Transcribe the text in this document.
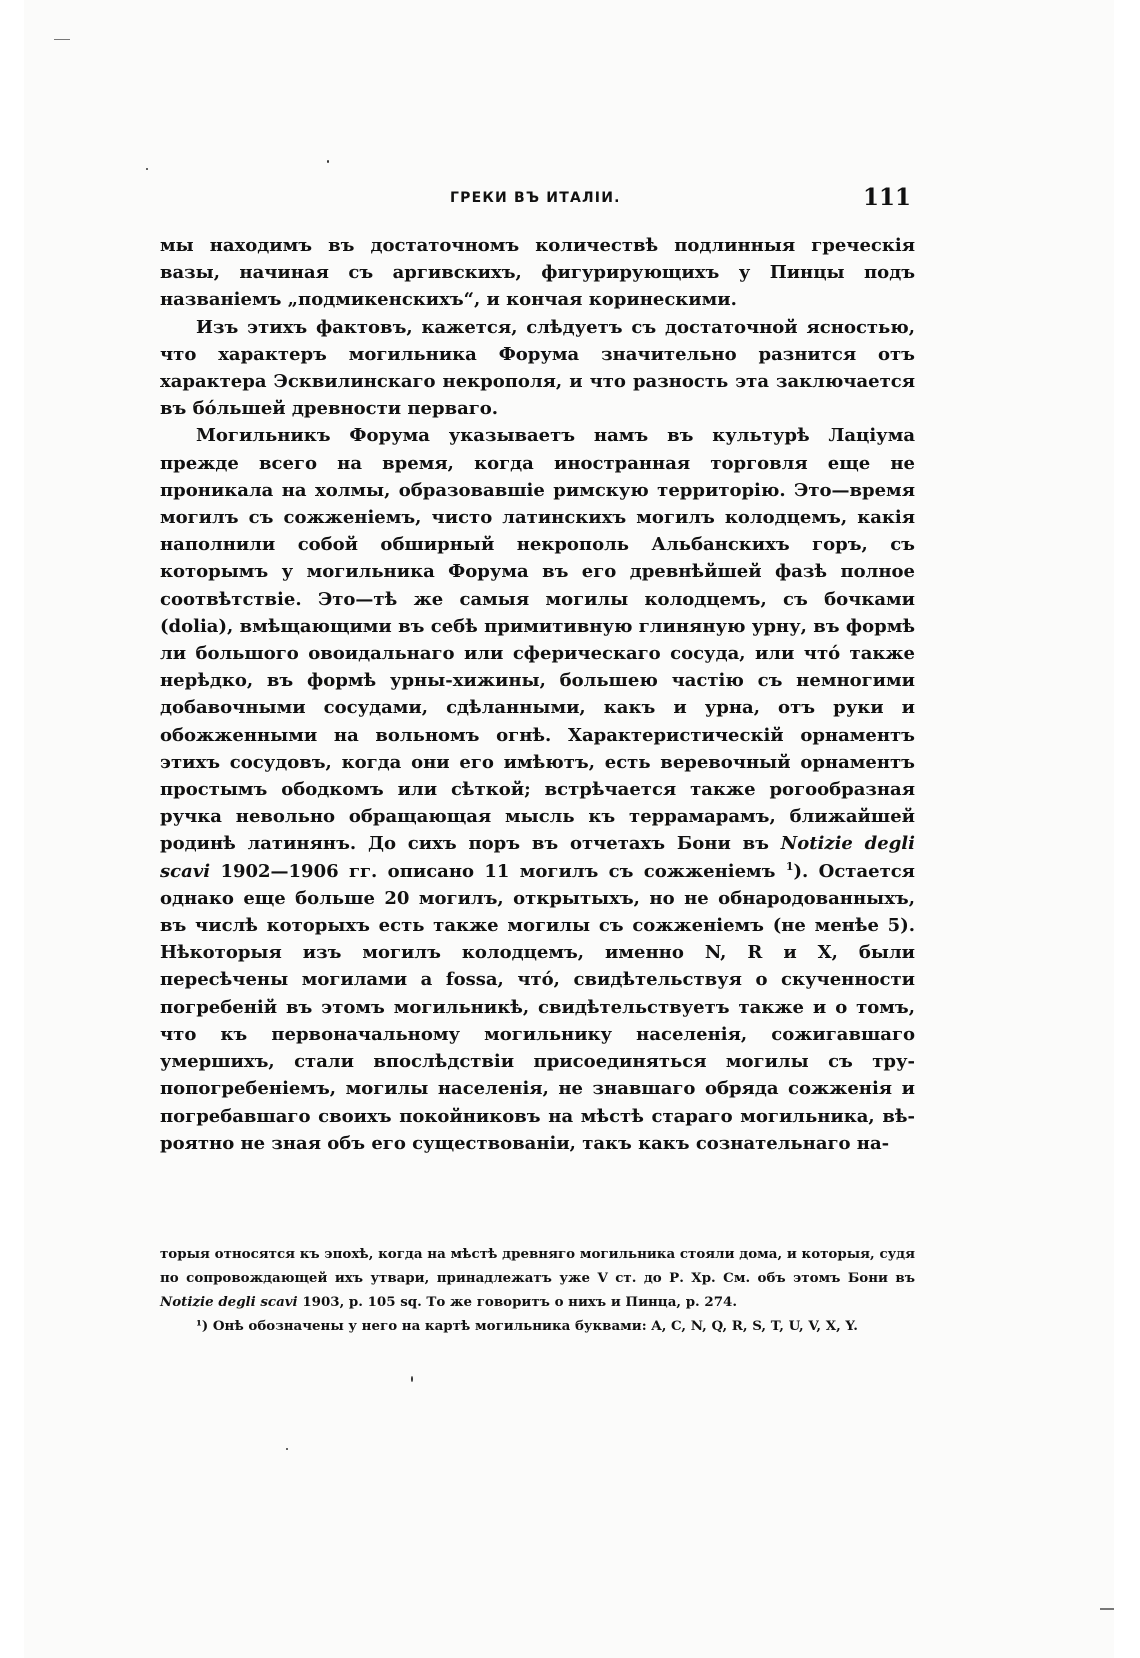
ГРЕКИ ВЪ ИТАЛІИ.	111

мы находимъ въ достаточномъ количествѣ подлинныя греческія вазы, начиная съ аргивскихъ, фигурирующихъ у Пинцы подъ названіемъ „подмикенскихъ“, и кончая коринескими.

Изъ этихъ фактовъ, кажется, слѣдуетъ съ достаточной ясностью, что характеръ могильника Форума значительно разнится отъ характера Эсквилинскаго некрополя, и что разность эта заключается въ бóльшей древности перваго.

Могильникъ Форума указываетъ намъ въ культурѣ Лаціума прежде всего на время, когда иностранная торговля еще не проникала на холмы, образовавшіе римскую территорію. Это—время могилъ съ сожженіемъ, чисто латинскихъ могилъ колодцемъ, какія наполнили собой обширный некрополь Альбанскихъ горъ, съ которымъ у могильника Форума въ его древнѣйшей фазѣ полное соотвѣтствіе. Это—тѣ же самыя могилы колодцемъ, съ бочками (dolia), вмѣщающими въ себѣ примитивную глиняную урну, въ формѣ ли большого овоидальнаго или сферическаго сосуда, или чтó также нерѣдко, въ формѣ урны-хижины, большею частію съ немногими добавочными сосудами, сдѣланными, какъ и урна, отъ руки и обожженными на вольномъ огнѣ. Характеристическій орнаментъ этихъ сосудовъ, когда они его имѣютъ, есть веревочный орнаментъ простымъ ободкомъ или сѣткой; встрѣчается также рогообразная ручка невольно обращающая мысль къ террамарамъ, ближайшей родинѣ латинянъ. До сихъ поръ въ отчетахъ Бони въ Notizie degli scavi 1902—1906 гг. описано 11 могилъ съ сожженіемъ $^1$). Остается однако еще больше 20 могилъ, открытыхъ, но не обнародованныхъ, въ числѣ которыхъ есть также могилы съ сожженіемъ (не менѣе 5). Нѣкоторыя изъ могилъ колодцемъ, именно N, R и X, были пересѣчены могилами a fossa, чтó, свидѣтельствуя о скученности погребеній въ этомъ могильникѣ, свидѣтельствуетъ также и о томъ, что къ первоначальному могильнику населенія, сожигавшаго умершихъ, стали впослѣдствіи присоединяться могилы съ трупопогребеніемъ, могилы населенія, не знавшаго обряда сожженія и погребавшаго своихъ покойниковъ на мѣстѣ стараго могильника, вѣроятно не зная объ его существованіи, такъ какъ сознательнаго на-

торыя относятся къ эпохѣ, когда на мѣстѣ древняго могильника стояли дома, и которыя, судя по сопровождающей ихъ утвари, принадлежатъ уже V ст. до Р. Хр. См. объ этомъ Бони въ Notizie degli scavi 1903, p. 105 sq. То же говоритъ о нихъ и Пинца, p. 274.

¹) Онѣ обозначены у него на картѣ могильника буквами: A, C, N, Q, R, S, T, U, V, X, Y.
